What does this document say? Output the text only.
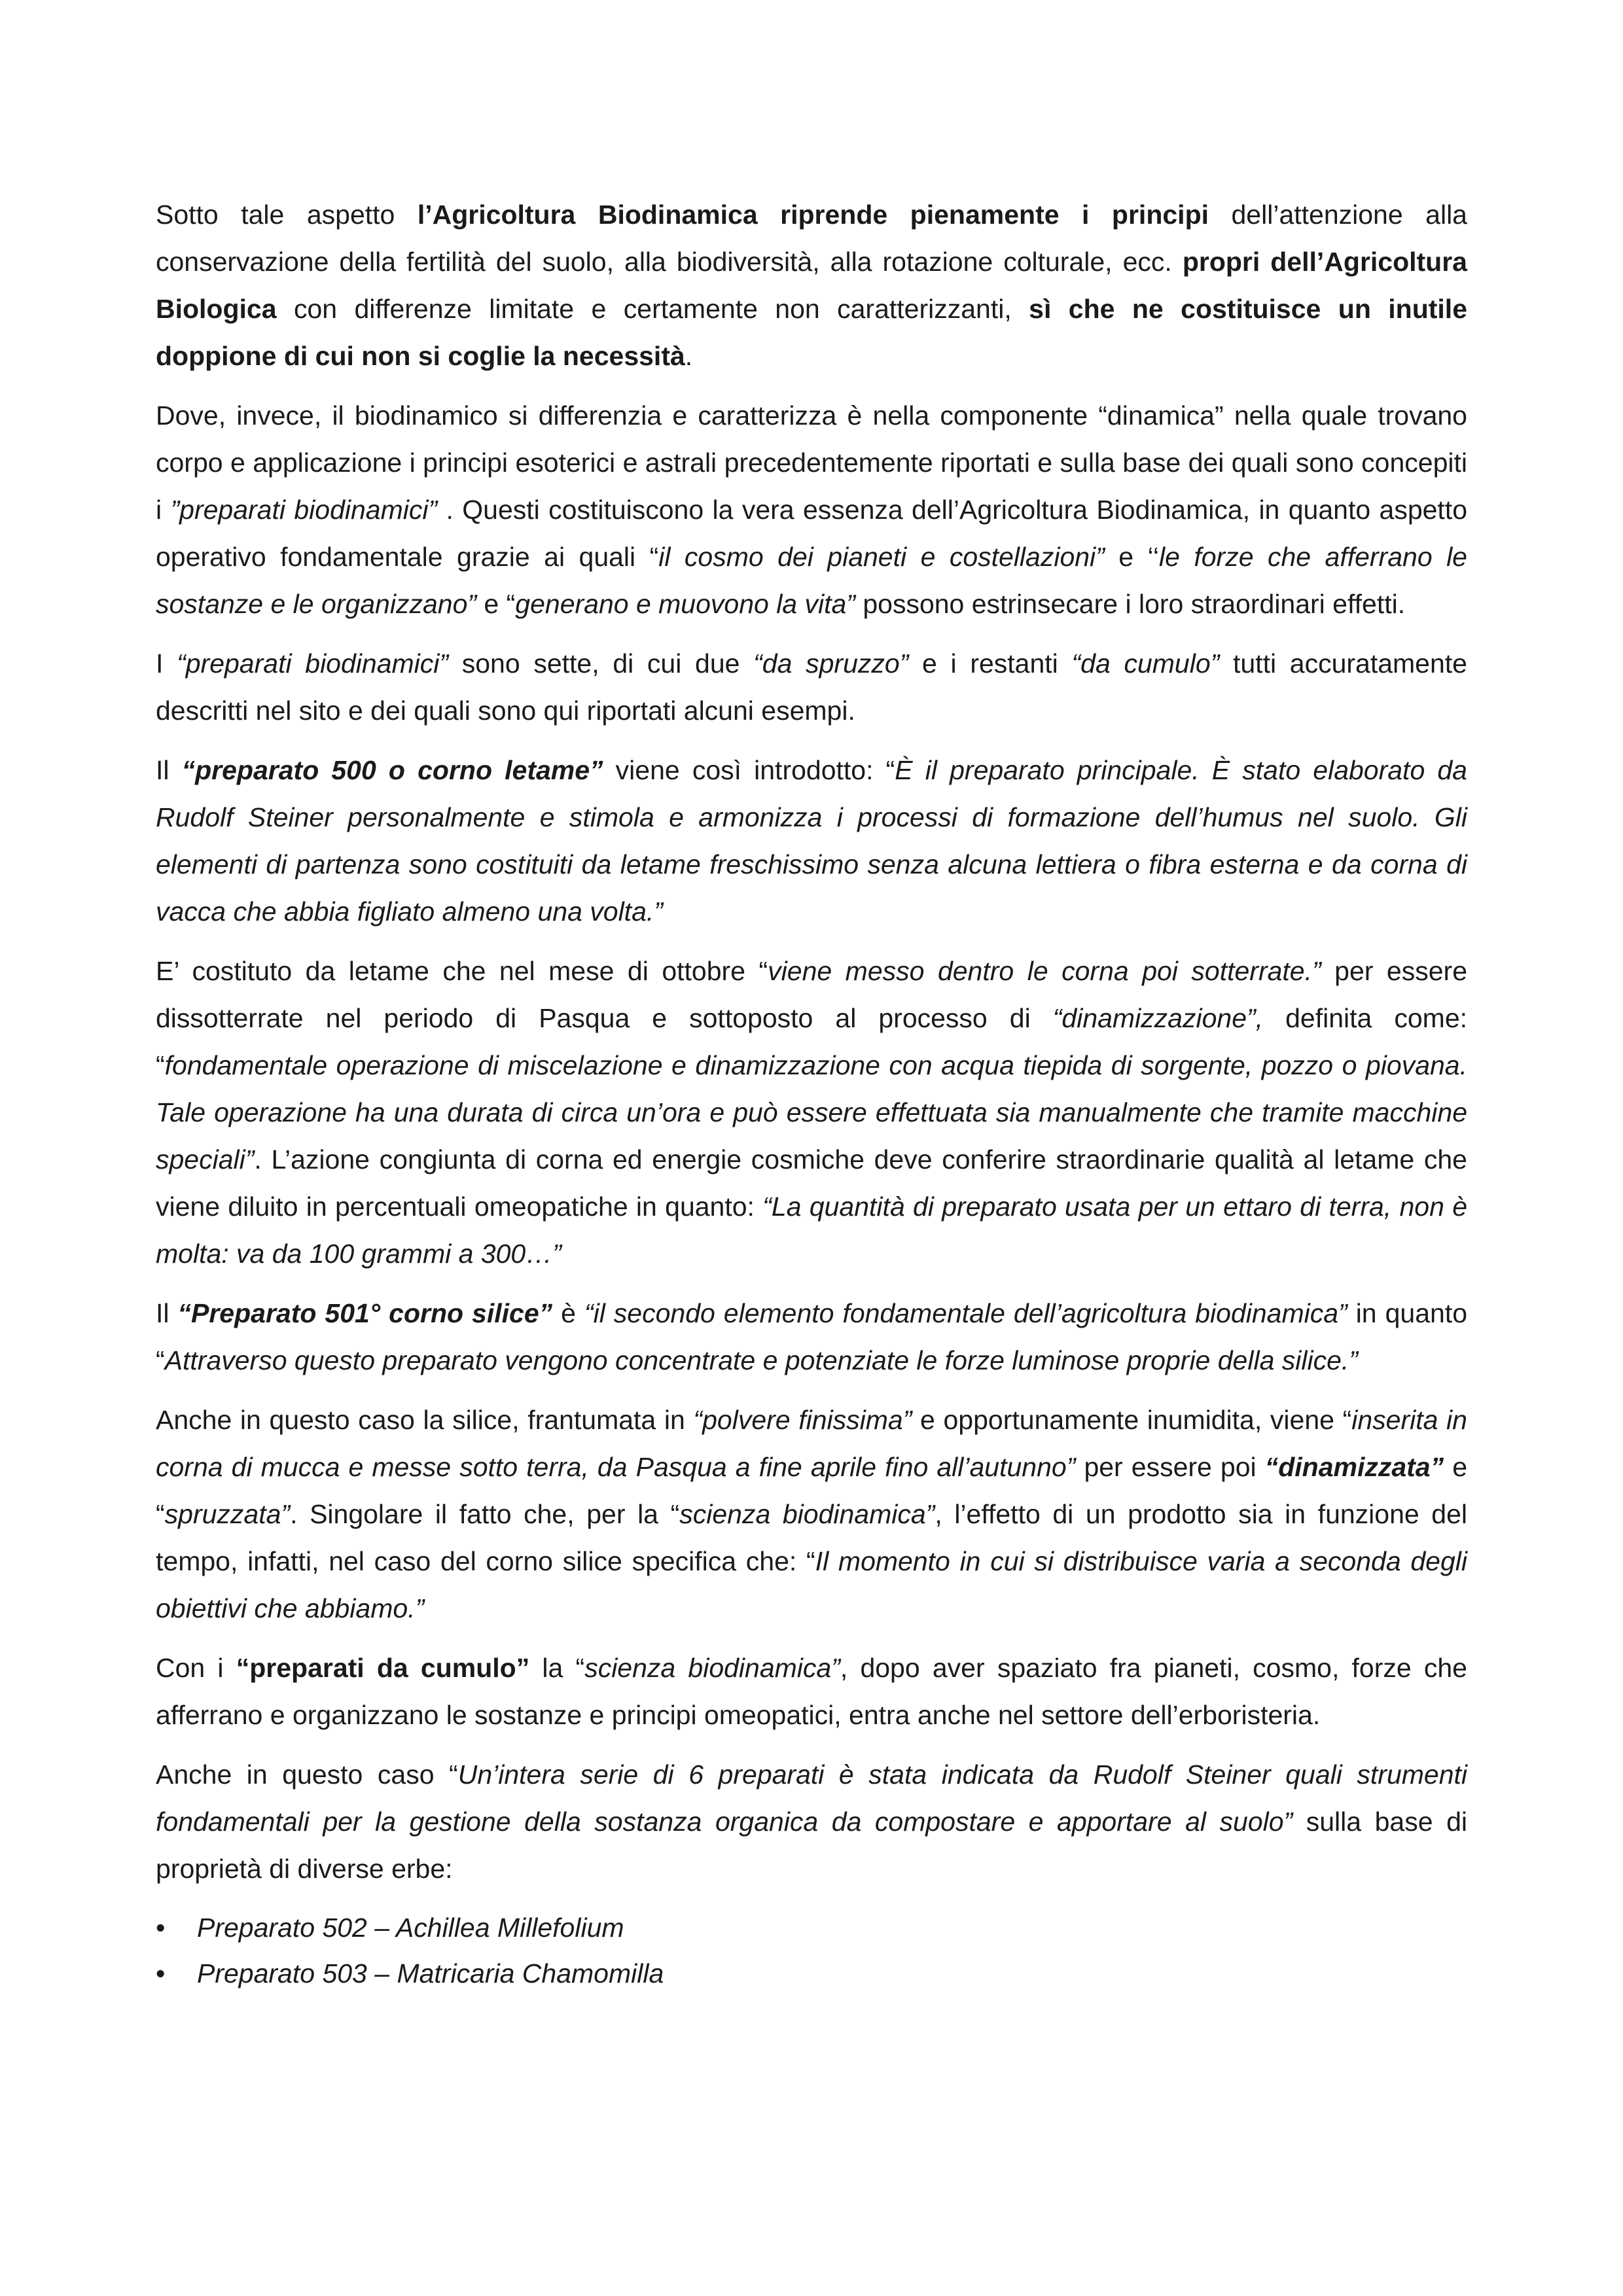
Sotto tale aspetto l’Agricoltura Biodinamica riprende pienamente i principi dell’attenzione alla conservazione della fertilità del suolo, alla biodiversità, alla rotazione colturale, ecc. propri dell’Agricoltura Biologica con differenze limitate e certamente non caratterizzanti, sì che ne costituisce un inutile doppione di cui non si coglie la necessità.

Dove, invece, il biodinamico si differenzia e caratterizza è nella componente “dinamica” nella quale trovano corpo e applicazione i principi esoterici e astrali precedentemente riportati e sulla base dei quali sono concepiti i ”preparati biodinamici” . Questi costituiscono la vera essenza dell’Agricoltura Biodinamica, in quanto aspetto operativo fondamentale grazie ai quali “il cosmo dei pianeti e costellazioni” e ‘‘le forze che afferrano le sostanze e le organizzano” e “generano e muovono la vita” possono estrinsecare i loro straordinari effetti.

I “preparati biodinamici” sono sette, di cui due “da spruzzo” e i restanti “da cumulo” tutti accuratamente descritti nel sito e dei quali sono qui riportati alcuni esempi.

Il “preparato 500 o corno letame” viene così introdotto: “È il preparato principale. È stato elaborato da Rudolf Steiner personalmente e stimola e armonizza i processi di formazione dell’humus nel suolo. Gli elementi di partenza sono costituiti da letame freschissimo senza alcuna lettiera o fibra esterna e da corna di vacca che abbia figliato almeno una volta.”

E’ costituto da letame che nel mese di ottobre “viene messo dentro le corna poi sotterrate.” per essere dissotterrate nel periodo di Pasqua e sottoposto al processo di “dinamizzazione”, definita come: “fondamentale operazione di miscelazione e dinamizzazione con acqua tiepida di sorgente, pozzo o piovana. Tale operazione ha una durata di circa un’ora e può essere effettuata sia manualmente che tramite macchine speciali”. L’azione congiunta di corna ed energie cosmiche deve conferire straordinarie qualità al letame che viene diluito in percentuali omeopatiche in quanto: “La quantità di preparato usata per un ettaro di terra, non è molta: va da 100 grammi a 300…”

Il “Preparato 501° corno silice” è “il secondo elemento fondamentale dell’agricoltura biodinamica” in quanto “Attraverso questo preparato vengono concentrate e potenziate le forze luminose proprie della silice.”

Anche in questo caso la silice, frantumata in “polvere finissima” e opportunamente inumidita, viene “inserita in corna di mucca e messe sotto terra, da Pasqua a fine aprile fino all’autunno” per essere poi “dinamizzata” e “spruzzata”. Singolare il fatto che, per la “scienza biodinamica”, l’effetto di un prodotto sia in funzione del tempo, infatti, nel caso del corno silice specifica che: “Il momento in cui si distribuisce varia a seconda degli obiettivi che abbiamo.”

Con i “preparati da cumulo” la “scienza biodinamica”, dopo aver spaziato fra pianeti, cosmo, forze che afferrano e organizzano le sostanze e principi omeopatici, entra anche nel settore dell’erboristeria.

Anche in questo caso “Un’intera serie di 6 preparati è stata indicata da Rudolf Steiner quali strumenti fondamentali per la gestione della sostanza organica da compostare e apportare al suolo” sulla base di proprietà di diverse erbe:

• Preparato 502 – Achillea Millefolium
• Preparato 503 – Matricaria Chamomilla
